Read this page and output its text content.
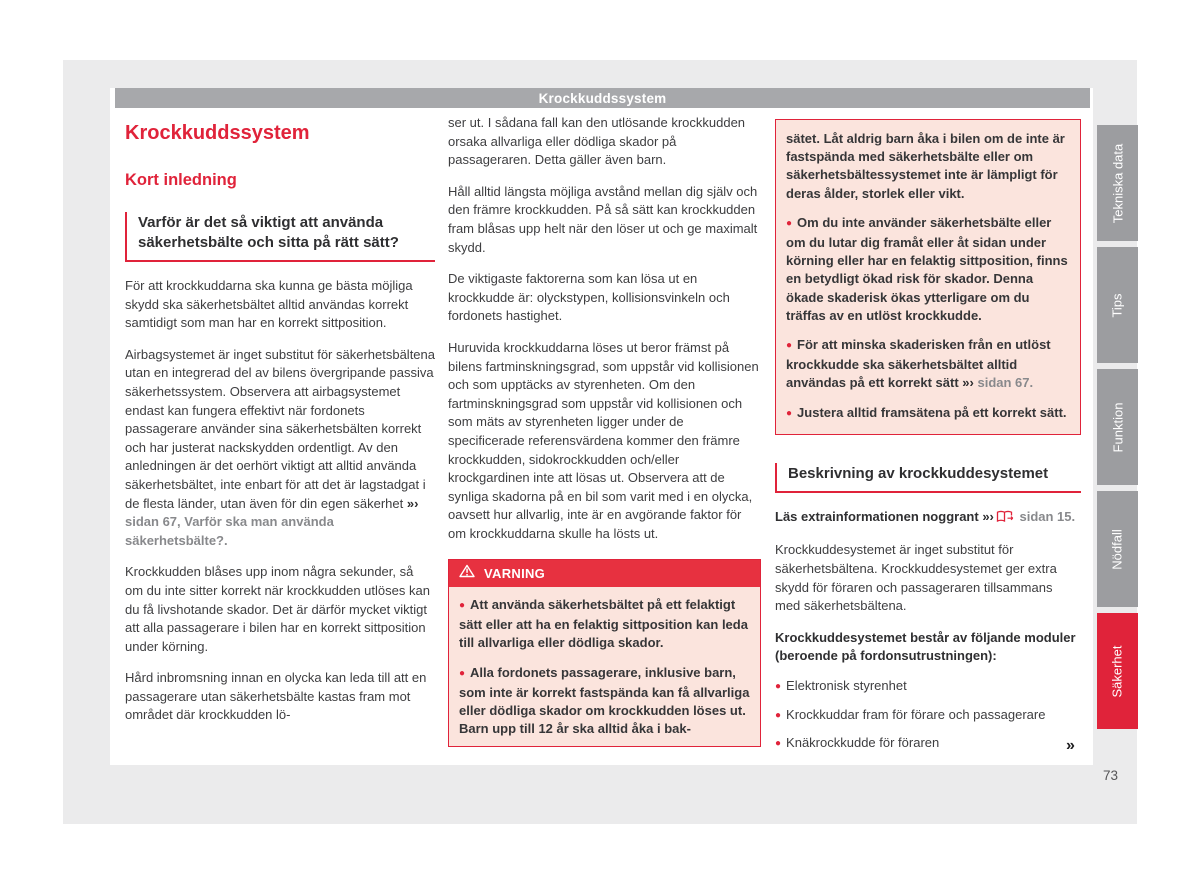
Krockkuddssystem
Krockkuddssystem
Kort inledning
Varför är det så viktigt att använda säkerhetsbälte och sitta på rätt sätt?

För att krockkuddarna ska kunna ge bästa möjliga skydd ska säkerhetsbältet alltid användas korrekt samtidigt som man har en korrekt sittposition.

Airbagsystemet är inget substitut för säkerhetsbältena utan en integrerad del av bilens övergripande passiva säkerhetssystem. Observera att airbagsystemet endast kan fungera effektivt när fordonets passagerare använder sina säkerhetsbälten korrekt och har justerat nackskydden ordentligt. Av den anledningen är det oerhört viktigt att alltid använda säkerhetsbältet, inte enbart för att det är lagstadgat i de flesta länder, utan även för din egen säkerhet »› sidan 67, Varför ska man använda säkerhetsbälte?.

Krockkudden blåses upp inom några sekunder, så om du inte sitter korrekt när krockkudden utlöses kan du få livshotande skador. Det är därför mycket viktigt att alla passagerare i bilen har en korrekt sittposition under körning.

Hård inbromsning innan en olycka kan leda till att en passagerare utan säkerhetsbälte kastas fram mot området där krockkudden lö-

ser ut. I sådana fall kan den utlösande krockkudden orsaka allvarliga eller dödliga skador på passageraren. Detta gäller även barn.

Håll alltid längsta möjliga avstånd mellan dig själv och den främre krockkudden. På så sätt kan krockkudden fram blåsas upp helt när den löser ut och ge maximalt skydd.

De viktigaste faktorerna som kan lösa ut en krockkudde är: olyckstypen, kollisionsvinkeln och fordonets hastighet.

Huruvida krockkuddarna löses ut beror främst på bilens fartminskningsgrad, som uppstår vid kollisionen och som upptäcks av styrenheten. Om den fartminskningsgrad som uppstår vid kollisionen och som mäts av styrenheten ligger under de specificerade referensvärdena kommer den främre krockkudden, sidokrockkudden och/eller krockgardinen inte att lösas ut. Observera att de synliga skadorna på en bil som varit med i en olycka, oavsett hur allvarlig, inte är en avgörande faktor för om krockkuddarna skulle ha lösts ut.

VARNING

● Att använda säkerhetsbältet på ett felaktigt sätt eller att ha en felaktig sittposition kan leda till allvarliga eller dödliga skador.

● Alla fordonets passagerare, inklusive barn, som inte är korrekt fastspända kan få allvarliga eller dödliga skador om krockkudden löses ut. Barn upp till 12 år ska alltid åka i bak-

sätet. Låt aldrig barn åka i bilen om de inte är fastspända med säkerhetsbälte eller om säkerhetsbältessystemet inte är lämpligt för deras ålder, storlek eller vikt.

● Om du inte använder säkerhetsbälte eller om du lutar dig framåt eller åt sidan under körning eller har en felaktig sittposition, finns en betydligt ökad risk för skador. Denna ökade skaderisk ökas ytterligare om du träffas av en utlöst krockkudde.

● För att minska skaderisken från en utlöst krockkudde ska säkerhetsbältet alltid användas på ett korrekt sätt »› sidan 67.

● Justera alltid framsätena på ett korrekt sätt.

Beskrivning av krockkuddesystemet

Läs extrainformationen noggrant »› sidan 15.

Krockkuddesystemet är inget substitut för säkerhetsbältena. Krockkuddesystemet ger extra skydd för föraren och passageraren tillsammans med säkerhetsbältena.

Krockkuddesystemet består av följande moduler (beroende på fordonsutrustningen):

● Elektronisk styrenhet
● Krockkuddar fram för förare och passagerare
● Knäkrockkudde för föraren
Tekniska data
Tips
Funktion
Nödfall
Säkerhet
»
73
